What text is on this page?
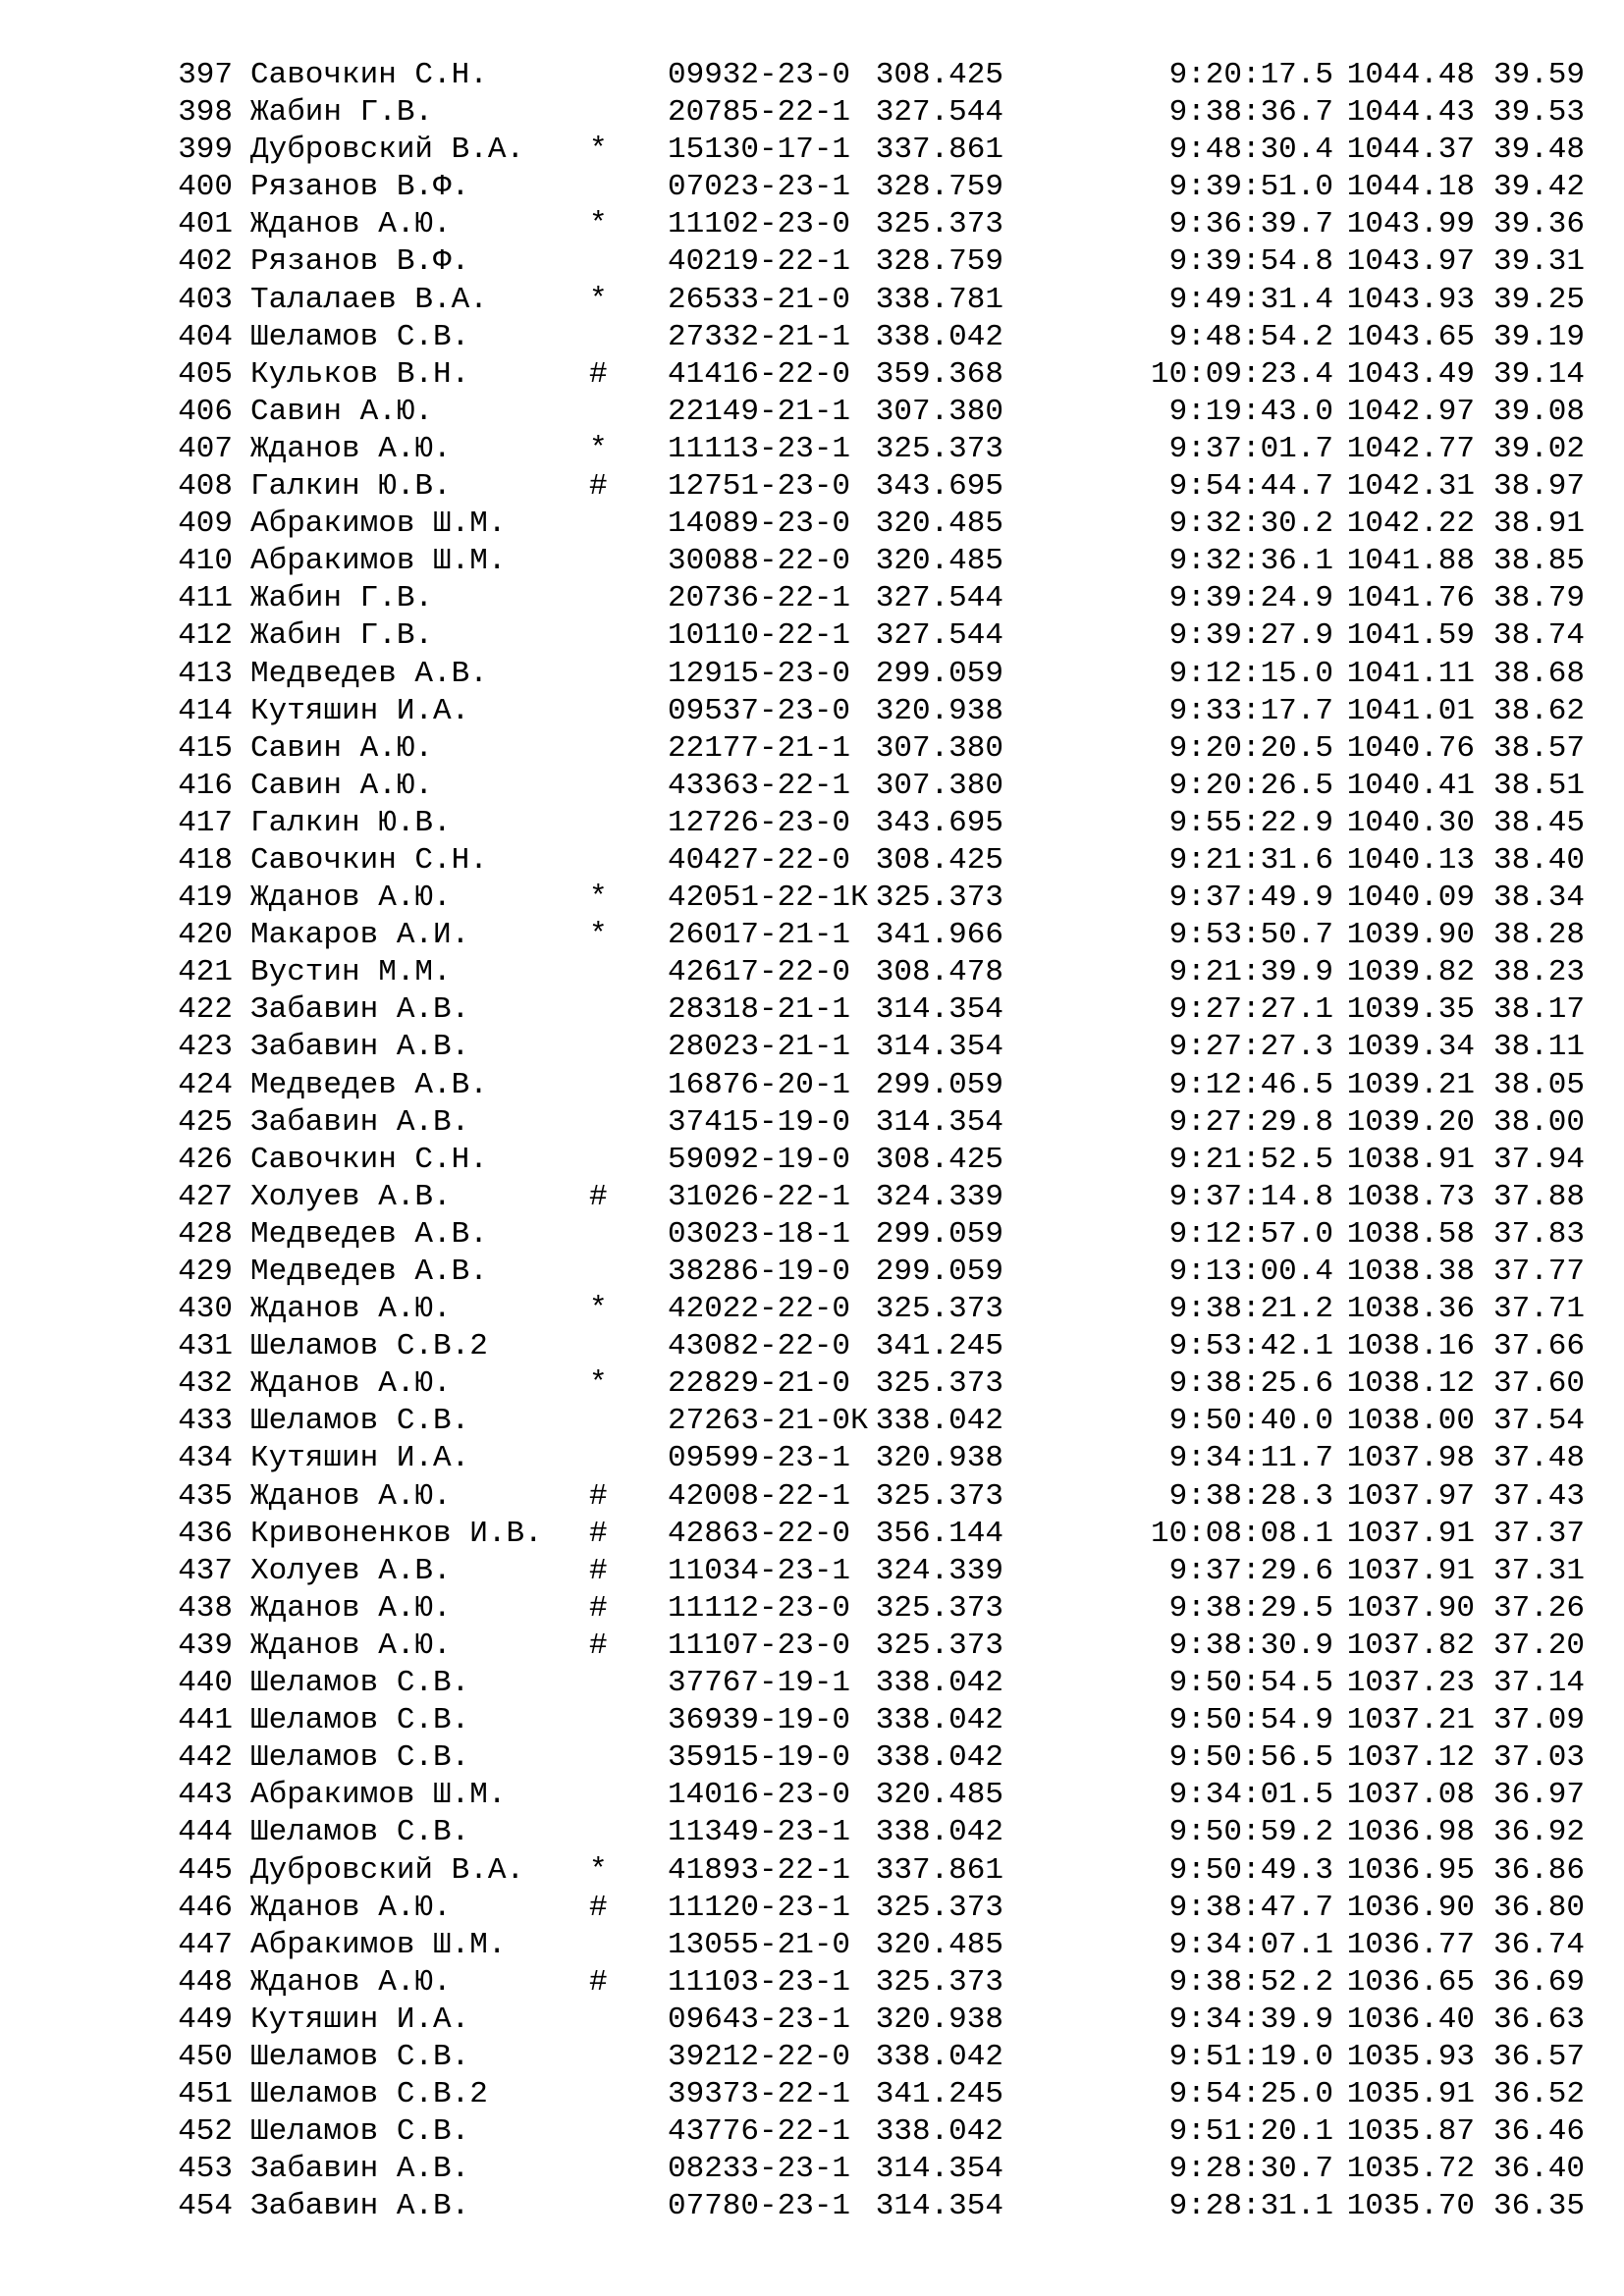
397 Савочкин С.Н.	09932-23-0 308.425	9:20:17.5 1044.48 39.59
398 Жабин Г.В.	20785-22-1 327.544	9:38:36.7 1044.43 39.53
399 Дубровский В.А. * 15130-17-1 337.861	9:48:30.4 1044.37 39.48
400 Рязанов В.Ф.	07023-23-1 328.759	9:39:51.0 1044.18 39.42
401 Жданов А.Ю.	* 11102-23-0 325.373	9:36:39.7 1043.99 39.36
402 Рязанов В.Ф.	40219-22-1 328.759	9:39:54.8 1043.97 39.31
403 Талалаев В.А.	* 26533-21-0 338.781	9:49:31.4 1043.93 39.25
404 Шеламов С.В.	27332-21-1 338.042	9:48:54.2 1043.65 39.19
405 Кульков В.Н.	# 41416-22-0 359.368	10:09:23.4 1043.49 39.14
406 Савин А.Ю.	22149-21-1 307.380	9:19:43.0 1042.97 39.08
407 Жданов А.Ю.	* 11113-23-1 325.373	9:37:01.7 1042.77 39.02
408 Галкин Ю.В.	# 12751-23-0 343.695	9:54:44.7 1042.31 38.97
409 Абракимов Ш.М.	14089-23-0 320.485	9:32:30.2 1042.22 38.91
410 Абракимов Ш.М.	30088-22-0 320.485	9:32:36.1 1041.88 38.85
411 Жабин Г.В.	20736-22-1 327.544	9:39:24.9 1041.76 38.79
412 Жабин Г.В.	10110-22-1 327.544	9:39:27.9 1041.59 38.74
413 Медведев А.В.	12915-23-0 299.059	9:12:15.0 1041.11 38.68
414 Кутяшин И.А.	09537-23-0 320.938	9:33:17.7 1041.01 38.62
415 Савин А.Ю.	22177-21-1 307.380	9:20:20.5 1040.76 38.57
416 Савин А.Ю.	43363-22-1 307.380	9:20:26.5 1040.41 38.51
417 Галкин Ю.В.	12726-23-0 343.695	9:55:22.9 1040.30 38.45
418 Савочкин С.Н.	40427-22-0 308.425	9:21:31.6 1040.13 38.40
419 Жданов А.Ю.	* 42051-22-1К 325.373	9:37:49.9 1040.09 38.34
420 Макаров А.И.	* 26017-21-1 341.966	9:53:50.7 1039.90 38.28
421 Вустин М.М.	42617-22-0 308.478	9:21:39.9 1039.82 38.23
422 Забавин А.В.	28318-21-1 314.354	9:27:27.1 1039.35 38.17
423 Забавин А.В.	28023-21-1 314.354	9:27:27.3 1039.34 38.11
424 Медведев А.В.	16876-20-1 299.059	9:12:46.5 1039.21 38.05
425 Забавин А.В.	37415-19-0 314.354	9:27:29.8 1039.20 38.00
426 Савочкин С.Н.	59092-19-0 308.425	9:21:52.5 1038.91 37.94
427 Холуев А.В.	# 31026-22-1 324.339	9:37:14.8 1038.73 37.88
428 Медведев А.В.	03023-18-1 299.059	9:12:57.0 1038.58 37.83
429 Медведев А.В.	38286-19-0 299.059	9:13:00.4 1038.38 37.77
430 Жданов А.Ю.	* 42022-22-0 325.373	9:38:21.2 1038.36 37.71
431 Шеламов С.В.2	43082-22-0 341.245	9:53:42.1 1038.16 37.66
432 Жданов А.Ю.	* 22829-21-0 325.373	9:38:25.6 1038.12 37.60
433 Шеламов С.В.	27263-21-0К 338.042	9:50:40.0 1038.00 37.54
434 Кутяшин И.А.	09599-23-1 320.938	9:34:11.7 1037.98 37.48
435 Жданов А.Ю.	# 42008-22-1 325.373	9:38:28.3 1037.97 37.43
436 Кривоненков И.В. # 42863-22-0 356.144	10:08:08.1 1037.91 37.37
437 Холуев А.В.	# 11034-23-1 324.339	9:37:29.6 1037.91 37.31
438 Жданов А.Ю.	# 11112-23-0 325.373	9:38:29.5 1037.90 37.26
439 Жданов А.Ю.	# 11107-23-0 325.373	9:38:30.9 1037.82 37.20
440 Шеламов С.В.	37767-19-1 338.042	9:50:54.5 1037.23 37.14
441 Шеламов С.В.	36939-19-0 338.042	9:50:54.9 1037.21 37.09
442 Шеламов С.В.	35915-19-0 338.042	9:50:56.5 1037.12 37.03
443 Абракимов Ш.М.	14016-23-0 320.485	9:34:01.5 1037.08 36.97
444 Шеламов С.В.	11349-23-1 338.042	9:50:59.2 1036.98 36.92
445 Дубровский В.А. * 41893-22-1 337.861	9:50:49.3 1036.95 36.86
446 Жданов А.Ю.	# 11120-23-1 325.373	9:38:47.7 1036.90 36.80
447 Абракимов Ш.М.	13055-21-0 320.485	9:34:07.1 1036.77 36.74
448 Жданов А.Ю.	# 11103-23-1 325.373	9:38:52.2 1036.65 36.69
449 Кутяшин И.А.	09643-23-1 320.938	9:34:39.9 1036.40 36.63
450 Шеламов С.В.	39212-22-0 338.042	9:51:19.0 1035.93 36.57
451 Шеламов С.В.2	39373-22-1 341.245	9:54:25.0 1035.91 36.52
452 Шеламов С.В.	43776-22-1 338.042	9:51:20.1 1035.87 36.46
453 Забавин А.В.	08233-23-1 314.354	9:28:30.7 1035.72 36.40
454 Забавин А.В.	07780-23-1 314.354	9:28:31.1 1035.70 36.35
